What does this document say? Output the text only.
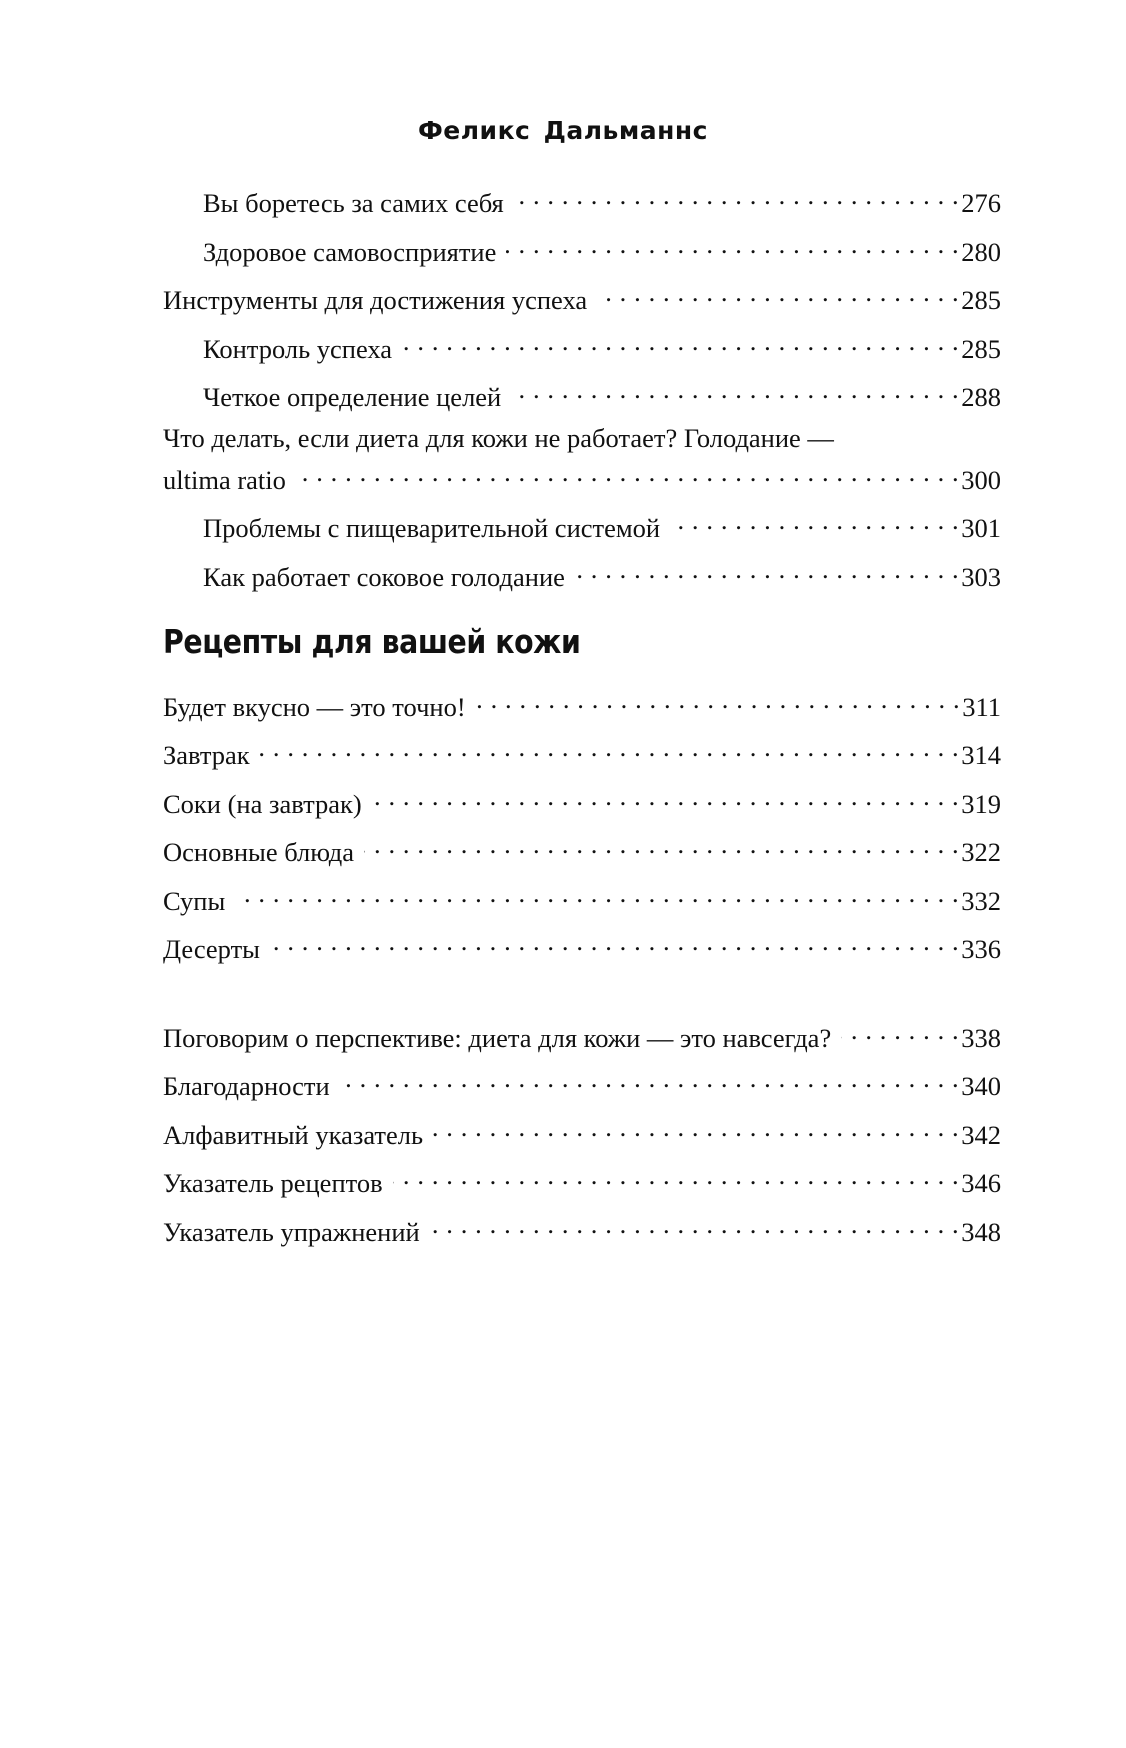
Феликс Дальманнс
Вы боретесь за самих себя . . .	276
Здоровое самовосприятие . . .	280
Инструменты для достижения успеха . . .	285
Контроль успеха . . .	285
Четкое определение целей . . .	288
Что делать, если диета для кожи не работает? Голодание —
ultima ratio . . .	300
Проблемы с пищеварительной системой . . .	301
Как работает соковое голодание . . .	303
Рецепты для вашей кожи
Будет вкусно — это точно! . . .	311
Завтрак . . .	314
Соки (на завтрак) . . .	319
Основные блюда . . .	322
Супы . . .	332
Десерты . . .	336
Поговорим о перспективе: диета для кожи — это навсегда? . . .	338
Благодарности . . .	340
Алфавитный указатель . . .	342
Указатель рецептов . . .	346
Указатель упражнений . . .	348
